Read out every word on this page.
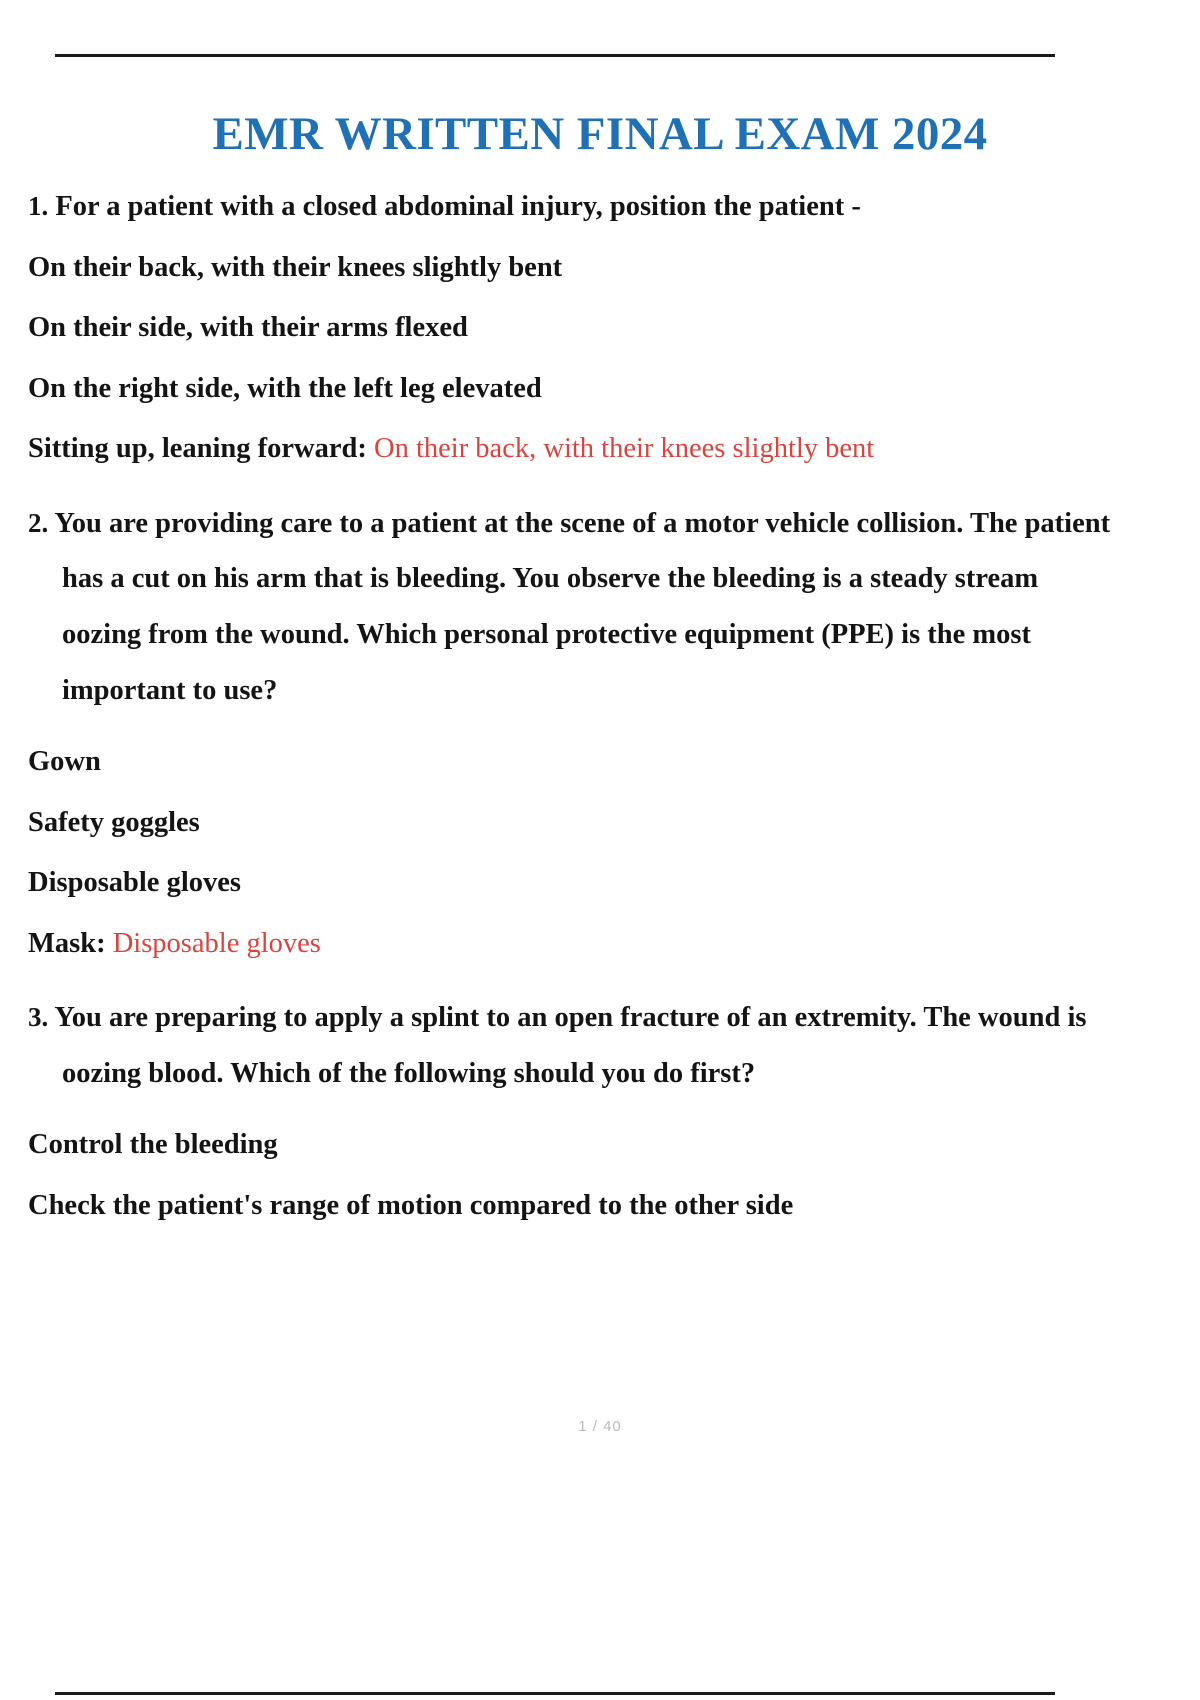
EMR WRITTEN FINAL EXAM 2024

1. For a patient with a closed abdominal injury, position the patient -

On their back, with their knees slightly bent

On their side, with their arms flexed

On the right side, with the left leg elevated

Sitting up, leaning forward: On their back, with their knees slightly bent

2. You are providing care to a patient at the scene of a motor vehicle collision. The patient has a cut on his arm that is bleeding. You observe the bleeding is a steady stream oozing from the wound. Which personal protective equipment (PPE) is the most important to use?

Gown

Safety goggles

Disposable gloves

Mask: Disposable gloves

3. You are preparing to apply a splint to an open fracture of an extremity. The wound is oozing blood. Which of the following should you do first?

Control the bleeding

Check the patient's range of motion compared to the other side

1 / 40
